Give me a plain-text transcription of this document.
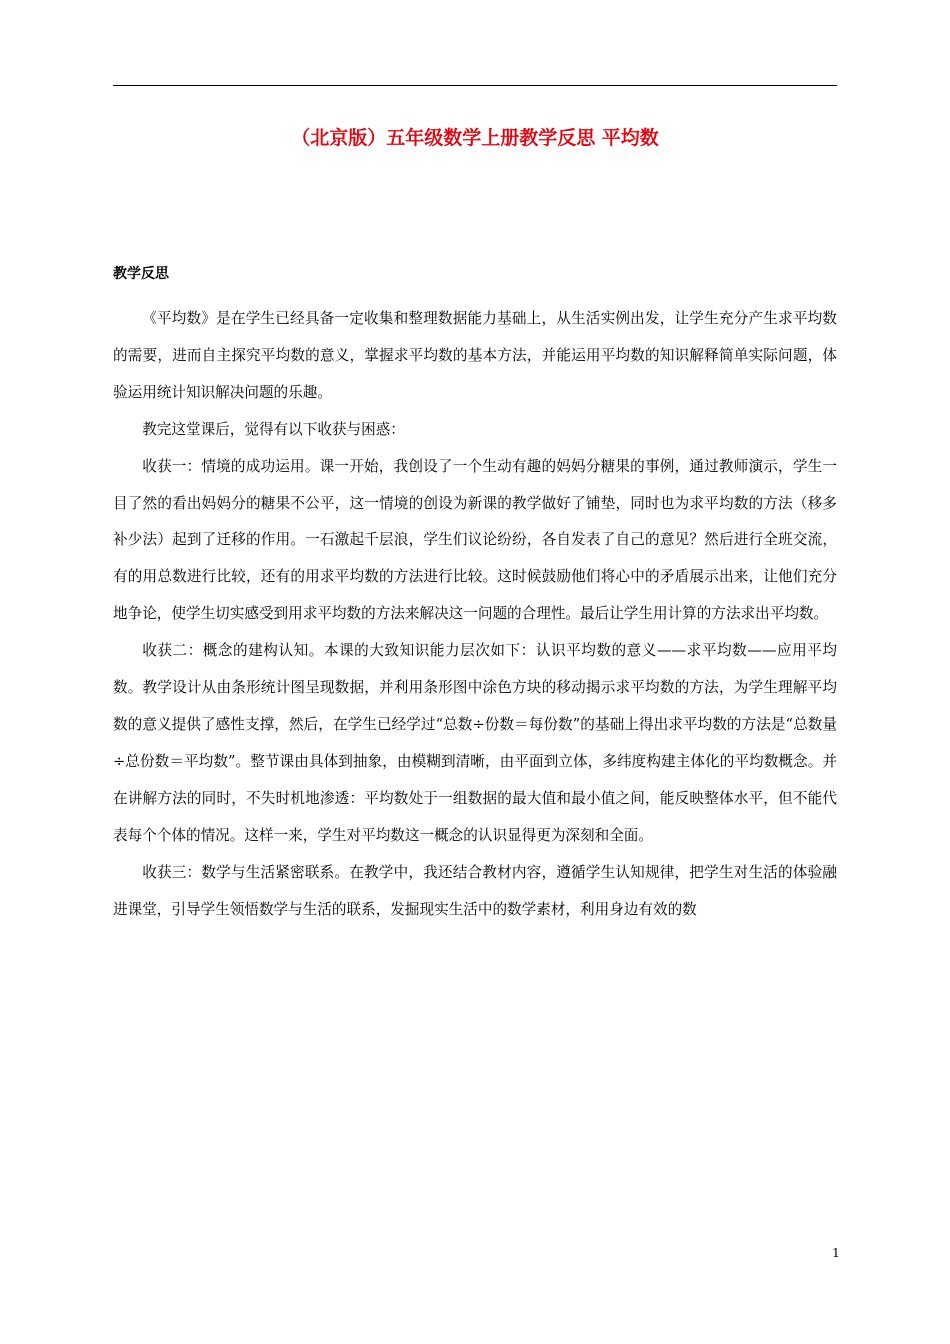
（北京版）五年级数学上册教学反思 平均数
教学反思

《平均数》是在学生已经具备一定收集和整理数据能力基础上，从生活实例出发，让学生充分产生求平均数的需要，进而自主探究平均数的意义，掌握求平均数的基本方法，并能运用平均数的知识解释简单实际问题，体验运用统计知识解决问题的乐趣。

教完这堂课后，觉得有以下收获与困惑：

收获一：情境的成功运用。课一开始，我创设了一个生动有趣的妈妈分糖果的事例，通过教师演示，学生一目了然的看出妈妈分的糖果不公平，这一情境的创设为新课的教学做好了铺垫，同时也为求平均数的方法（移多补少法）起到了迁移的作用。一石激起千层浪，学生们议论纷纷，各自发表了自己的意见？然后进行全班交流，有的用总数进行比较，还有的用求平均数的方法进行比较。这时候鼓励他们将心中的矛盾展示出来，让他们充分地争论，使学生切实感受到用求平均数的方法来解决这一问题的合理性。最后让学生用计算的方法求出平均数。

收获二：概念的建构认知。本课的大致知识能力层次如下：认识平均数的意义——求平均数——应用平均数。教学设计从由条形统计图呈现数据，并利用条形图中涂色方块的移动揭示求平均数的方法，为学生理解平均数的意义提供了感性支撑，然后，在学生已经学过“总数÷份数＝每份数”的基础上得出求平均数的方法是“总数量÷总份数＝平均数”。整节课由具体到抽象，由模糊到清晰，由平面到立体，多纬度构建主体化的平均数概念。并在讲解方法的同时，不失时机地渗透：平均数处于一组数据的最大值和最小值之间，能反映整体水平，但不能代表每个个体的情况。这样一来，学生对平均数这一概念的认识显得更为深刻和全面。

收获三：数学与生活紧密联系。在教学中，我还结合教材内容，遵循学生认知规律，把学生对生活的体验融进课堂，引导学生领悟数学与生活的联系，发掘现实生活中的数学素材，利用身边有效的数

1
